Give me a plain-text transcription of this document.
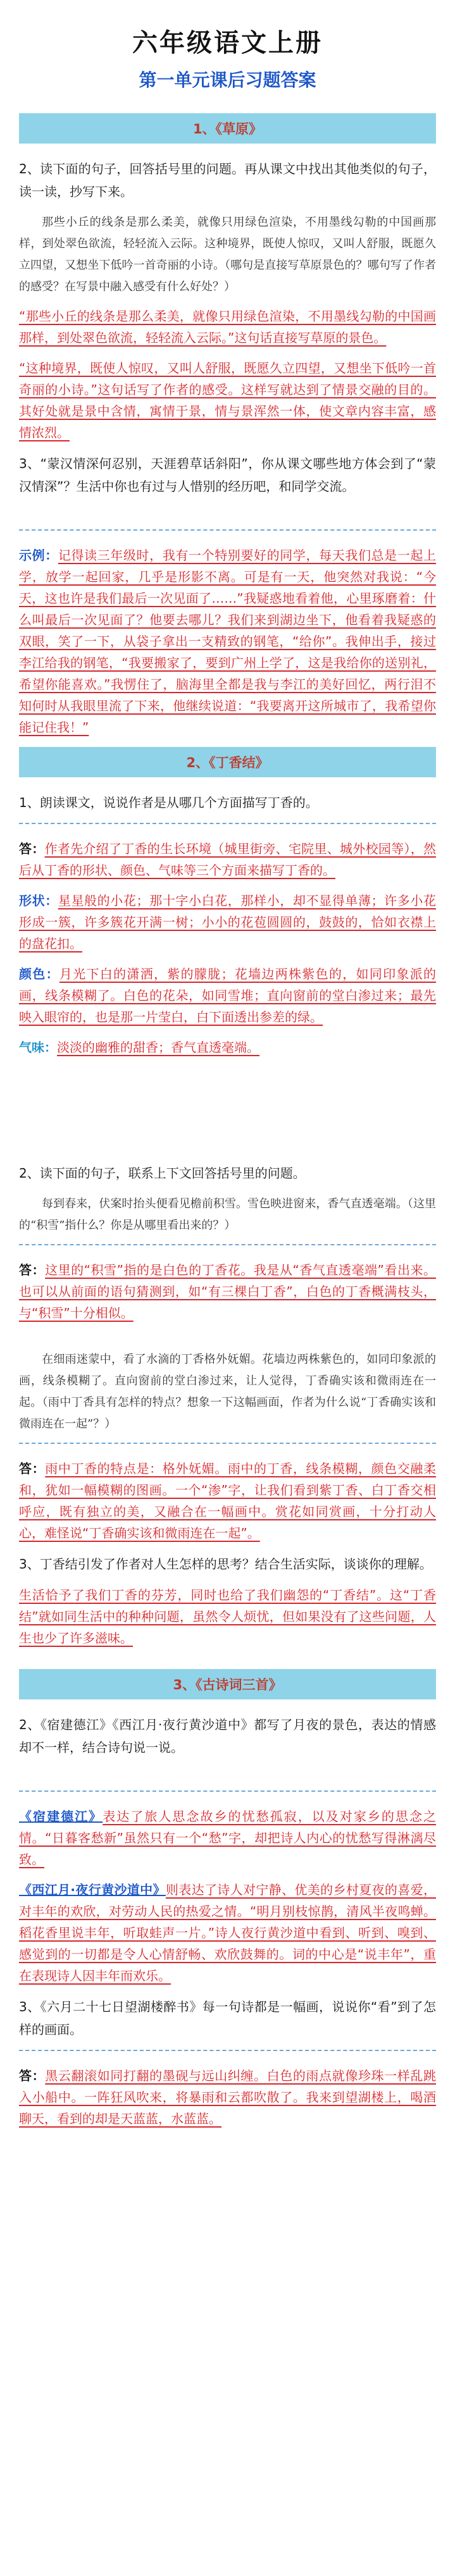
六年级语文上册
第一单元课后习题答案
1、《草原》

2、读下面的句子，回答括号里的问题。再从课文中找出其他类似的句子，读一读，抄写下来。

那些小丘的线条是那么柔美，就像只用绿色渲染，不用墨线勾勒的中国画那样，到处翠色欲流，轻轻流入云际。这种境界，既使人惊叹，又叫人舒服，既愿久立四望，又想坐下低吟一首奇丽的小诗。（哪句是直接写草原景色的？哪句写了作者的感受？在写景中融入感受有什么好处？）

“那些小丘的线条是那么柔美，就像只用绿色渲染，不用墨线勾勒的中国画那样，到处翠色欲流，轻轻流入云际。”这句话直接写草原的景色。

“这种境界，既使人惊叹，又叫人舒服，既愿久立四望，又想坐下低吟一首奇丽的小诗。”这句话写了作者的感受。这样写就达到了情景交融的目的。其好处就是景中含情，寓情于景，情与景浑然一体，使文章内容丰富，感情浓烈。

3、“蒙汉情深何忍别，天涯碧草话斜阳”，你从课文哪些地方体会到了“蒙汉情深”？生活中你也有过与人惜别的经历吧，和同学交流。

示例：记得读三年级时，我有一个特别要好的同学，每天我们总是一起上学，放学一起回家，几乎是形影不离。可是有一天，他突然对我说：“今天，这也许是我们最后一次见面了……”我疑惑地看着他，心里琢磨着：什么叫最后一次见面了？他要去哪儿？我们来到湖边坐下，他看着我疑惑的双眼，笑了一下，从袋子拿出一支精致的钢笔，“给你”。我伸出手，接过李江给我的钢笔，“我要搬家了，要到广州上学了，这是我给你的送别礼，希望你能喜欢。”我愣住了，脑海里全都是我与李江的美好回忆，两行泪不知何时从我眼里流了下来，他继续说道：“我要离开这所城市了，我希望你能记住我！”

2、《丁香结》

1、朗读课文，说说作者是从哪几个方面描写丁香的。

答：作者先介绍了丁香的生长环境（城里街旁、宅院里、城外校园等），然后从丁香的形状、颜色、气味等三个方面来描写丁香的。

形状：星星般的小花；那十字小白花，那样小，却不显得单薄；许多小花形成一簇，许多簇花开满一树；小小的花苞圆圆的，鼓鼓的，恰如衣襟上的盘花扣。

颜色：月光下白的潇洒，紫的朦胧；花墙边两株紫色的，如同印象派的画，线条模糊了。白色的花朵，如同雪堆；直向窗前的堂白渗过来；最先映入眼帘的，也是那一片莹白，白下面透出参差的绿。

气味：淡淡的幽雅的甜香；香气直透毫端。

2、读下面的句子，联系上下文回答括号里的问题。

每到春来，伏案时抬头便看见檐前积雪。雪色映进窗来，香气直透毫端。（这里的“积雪”指什么？你是从哪里看出来的？）

答：这里的“积雪”指的是白色的丁香花。我是从“香气直透毫端”看出来。也可以从前面的语句猜测到，如“有三棵白丁香”，白色的丁香概满枝头，与“积雪”十分相似。

在细雨迷蒙中，看了水滴的丁香格外妩媚。花墙边两株紫色的，如同印象派的画，线条模糊了。直向窗前的堂白渗过来，让人觉得，丁香确实该和微雨连在一起。（雨中丁香具有怎样的特点？想象一下这幅画面，作者为什么说“丁香确实该和微雨连在一起”？）

答：雨中丁香的特点是：格外妩媚。雨中的丁香，线条模糊，颜色交融柔和，犹如一幅模糊的图画。一个“渗”字，让我们看到紫丁香、白丁香交相呼应，既有独立的美，又融合在一幅画中。赏花如同赏画，十分打动人心，难怪说“丁香确实该和微雨连在一起”。

3、丁香结引发了作者对人生怎样的思考？结合生活实际，谈谈你的理解。

生活恰予了我们丁香的芬芳，同时也给了我们幽怨的“丁香结”。这“丁香结”就如同生活中的种种问题，虽然令人烦忧，但如果没有了这些问题，人生也少了许多滋味。

3、《古诗词三首》

2、《宿建德江》《西江月·夜行黄沙道中》都写了月夜的景色，表达的情感却不一样，结合诗句说一说。

《宿建德江》表达了旅人思念故乡的忧愁孤寂，以及对家乡的思念之情。“日暮客愁新”虽然只有一个“愁”字，却把诗人内心的忧愁写得淋漓尽致。

《西江月·夜行黄沙道中》则表达了诗人对宁静、优美的乡村夏夜的喜爱，对丰年的欢欣，对劳动人民的热爱之情。“明月别枝惊鹊，清风半夜鸣蝉。稻花香里说丰年，听取蛙声一片。”诗人夜行黄沙道中看到、听到、嗅到、感觉到的一切都是令人心情舒畅、欢欣鼓舞的。词的中心是“说丰年”，重在表现诗人因丰年而欢乐。

3、《六月二十七日望湖楼醉书》每一句诗都是一幅画，说说你“看”到了怎样的画面。

答：黑云翻滚如同打翻的墨砚与远山纠缠。白色的雨点就像珍珠一样乱跳入小船中。一阵狂风吹来，将暴雨和云都吹散了。我来到望湖楼上，喝酒聊天，看到的却是天蓝蓝，水蓝蓝。
